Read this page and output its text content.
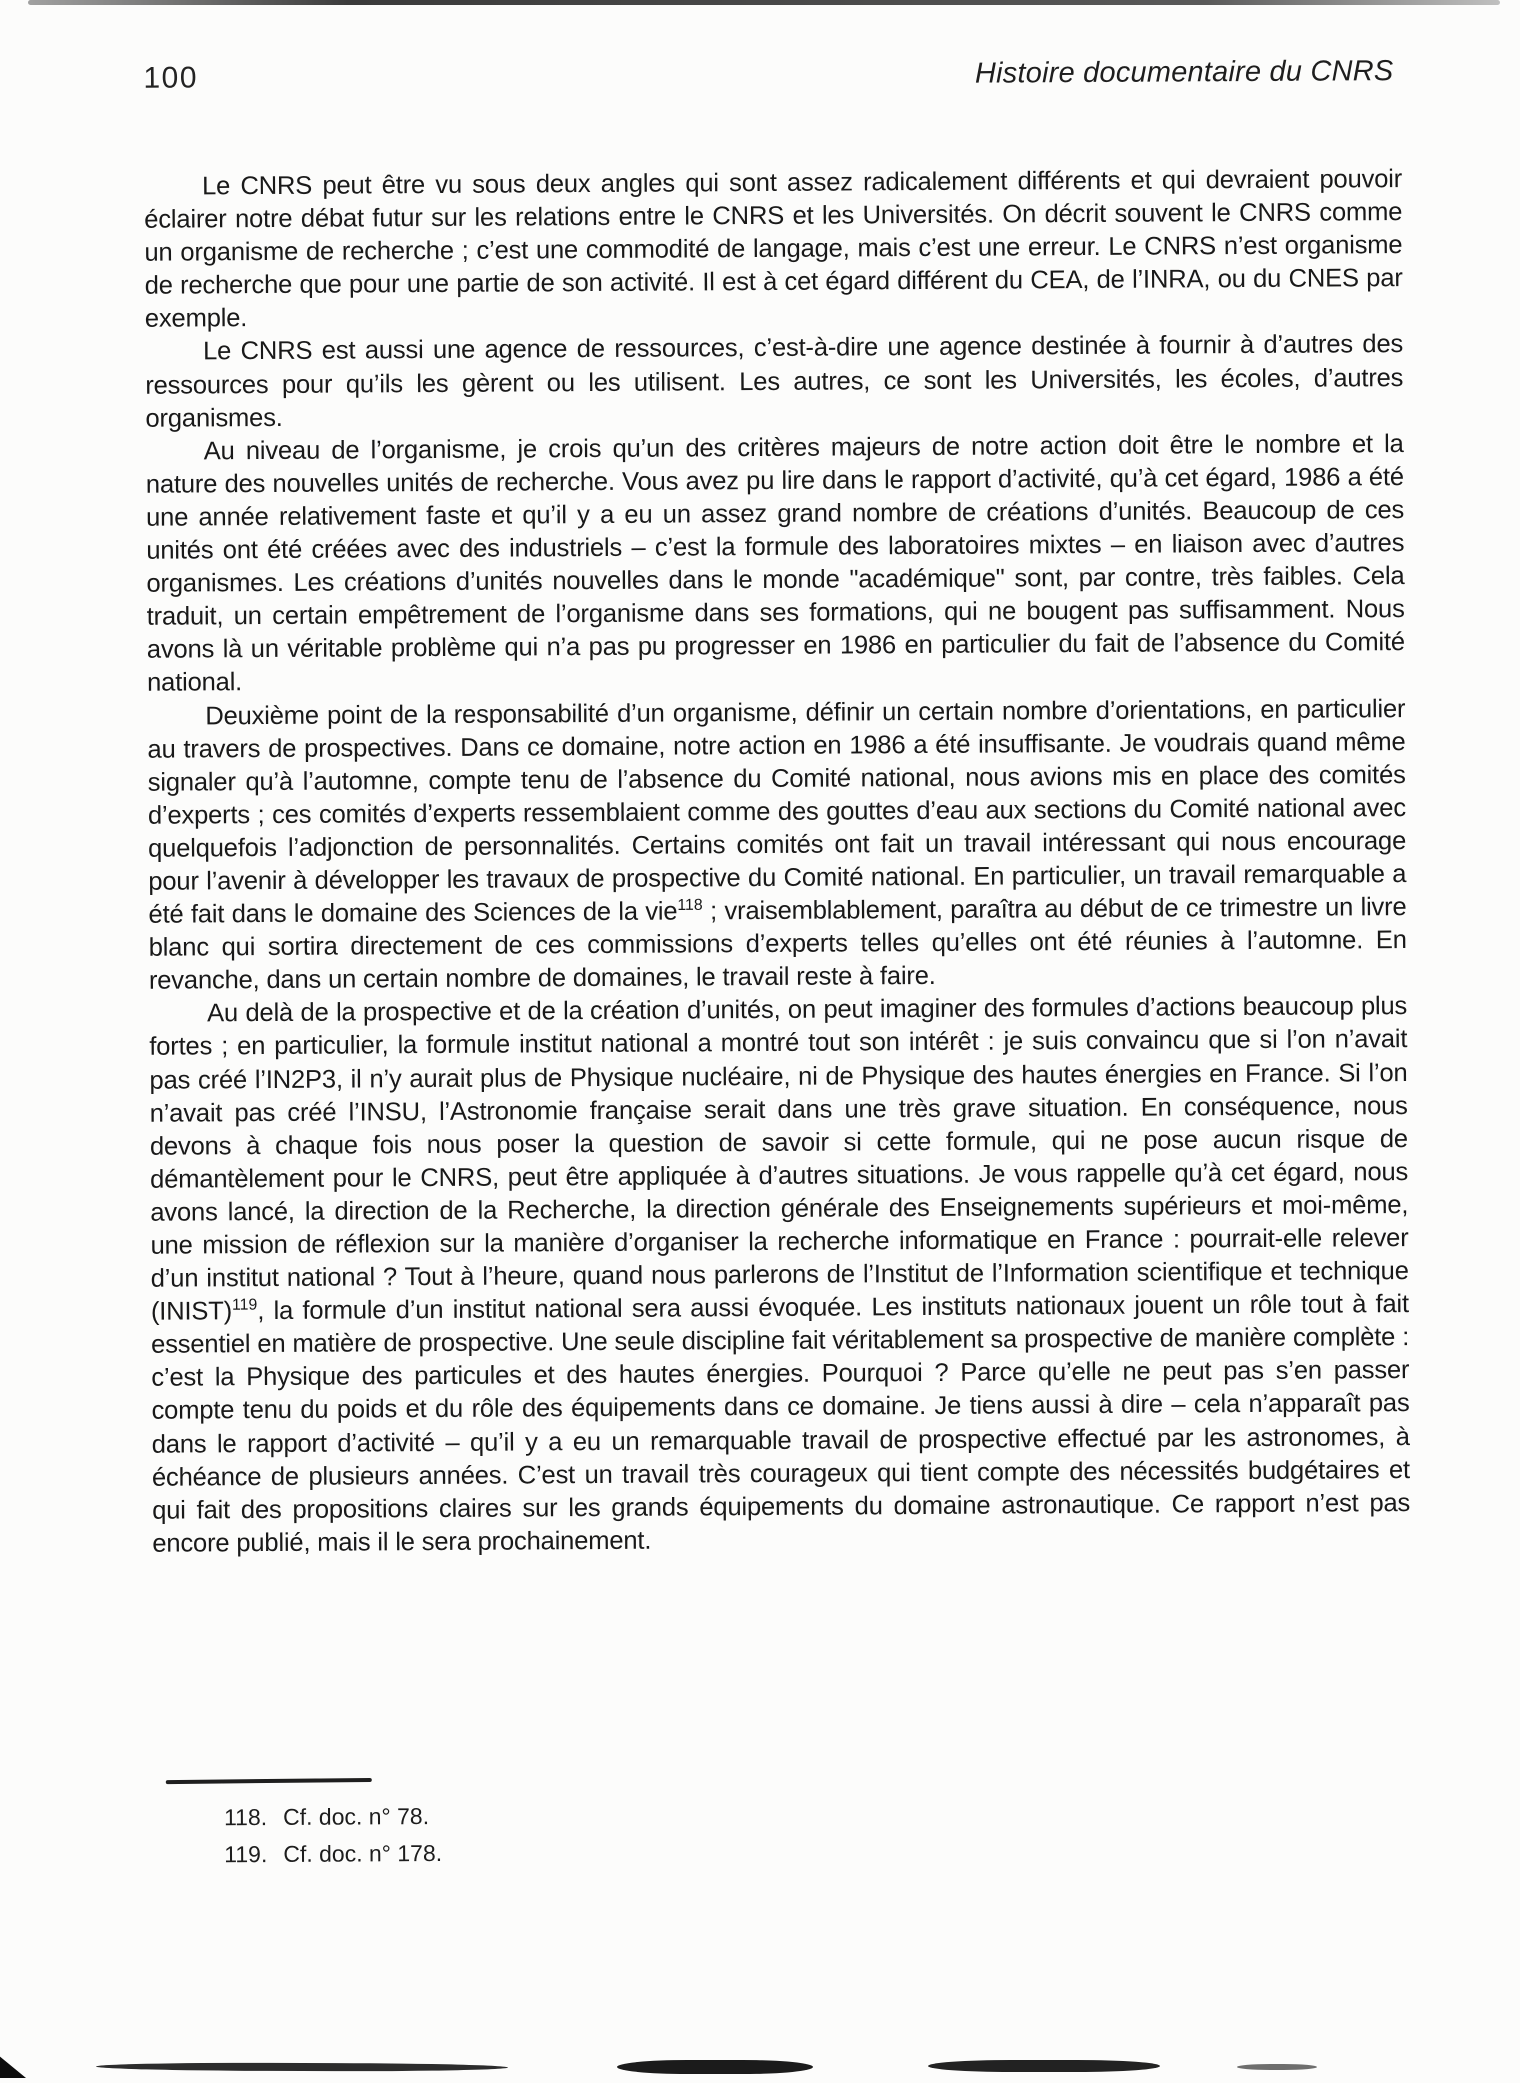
100	Histoire documentaire du CNRS

Le CNRS peut être vu sous deux angles qui sont assez radicalement différents et qui devraient pouvoir éclairer notre débat futur sur les relations entre le CNRS et les Universités. On décrit souvent le CNRS comme un organisme de recherche ; c’est une commodité de langage, mais c’est une erreur. Le CNRS n’est organisme de recherche que pour une partie de son activité. Il est à cet égard différent du CEA, de l’INRA, ou du CNES par exemple.

Le CNRS est aussi une agence de ressources, c’est-à-dire une agence destinée à fournir à d’autres des ressources pour qu’ils les gèrent ou les utilisent. Les autres, ce sont les Universités, les écoles, d’autres organismes.

Au niveau de l’organisme, je crois qu’un des critères majeurs de notre action doit être le nombre et la nature des nouvelles unités de recherche. Vous avez pu lire dans le rapport d’activité, qu’à cet égard, 1986 a été une année relativement faste et qu’il y a eu un assez grand nombre de créations d’unités. Beaucoup de ces unités ont été créées avec des industriels – c’est la formule des laboratoires mixtes – en liaison avec d’autres organismes. Les créations d’unités nouvelles dans le monde "académique" sont, par contre, très faibles. Cela traduit, un certain empêtrement de l’organisme dans ses formations, qui ne bougent pas suffisamment. Nous avons là un véritable problème qui n’a pas pu progresser en 1986 en particulier du fait de l’absence du Comité national.

Deuxième point de la responsabilité d’un organisme, définir un certain nombre d’orientations, en particulier au travers de prospectives. Dans ce domaine, notre action en 1986 a été insuffisante. Je voudrais quand même signaler qu’à l’automne, compte tenu de l’absence du Comité national, nous avions mis en place des comités d’experts ; ces comités d’experts ressemblaient comme des gouttes d’eau aux sections du Comité national avec quelquefois l’adjonction de personnalités. Certains comités ont fait un travail intéressant qui nous encourage pour l’avenir à développer les travaux de prospective du Comité national. En particulier, un travail remarquable a été fait dans le domaine des Sciences de la vie$^{118}$ ; vraisemblablement, paraîtra au début de ce trimestre un livre blanc qui sortira directement de ces commissions d’experts telles qu’elles ont été réunies à l’automne. En revanche, dans un certain nombre de domaines, le travail reste à faire.

Au delà de la prospective et de la création d’unités, on peut imaginer des formules d’actions beaucoup plus fortes ; en particulier, la formule institut national a montré tout son intérêt : je suis convaincu que si l’on n’avait pas créé l’IN2P3, il n’y aurait plus de Physique nucléaire, ni de Physique des hautes énergies en France. Si l’on n’avait pas créé l’INSU, l’Astronomie française serait dans une très grave situation. En conséquence, nous devons à chaque fois nous poser la question de savoir si cette formule, qui ne pose aucun risque de démantèlement pour le CNRS, peut être appliquée à d’autres situations. Je vous rappelle qu’à cet égard, nous avons lancé, la direction de la Recherche, la direction générale des Enseignements supérieurs et moi-même, une mission de réflexion sur la manière d’organiser la recherche informatique en France : pourrait-elle relever d’un institut national ? Tout à l’heure, quand nous parlerons de l’Institut de l’Information scientifique et technique (INIST)$^{119}$, la formule d’un institut national sera aussi évoquée. Les instituts nationaux jouent un rôle tout à fait essentiel en matière de prospective. Une seule discipline fait véritablement sa prospective de manière complète : c’est la Physique des particules et des hautes énergies. Pourquoi ? Parce qu’elle ne peut pas s’en passer compte tenu du poids et du rôle des équipements dans ce domaine. Je tiens aussi à dire – cela n’apparaît pas dans le rapport d’activité – qu’il y a eu un remarquable travail de prospective effectué par les astronomes, à échéance de plusieurs années. C’est un travail très courageux qui tient compte des nécessités budgétaires et qui fait des propositions claires sur les grands équipements du domaine astronautique. Ce rapport n’est pas encore publié, mais il le sera prochainement.

118. Cf. doc. n° 78.
119. Cf. doc. n° 178.
